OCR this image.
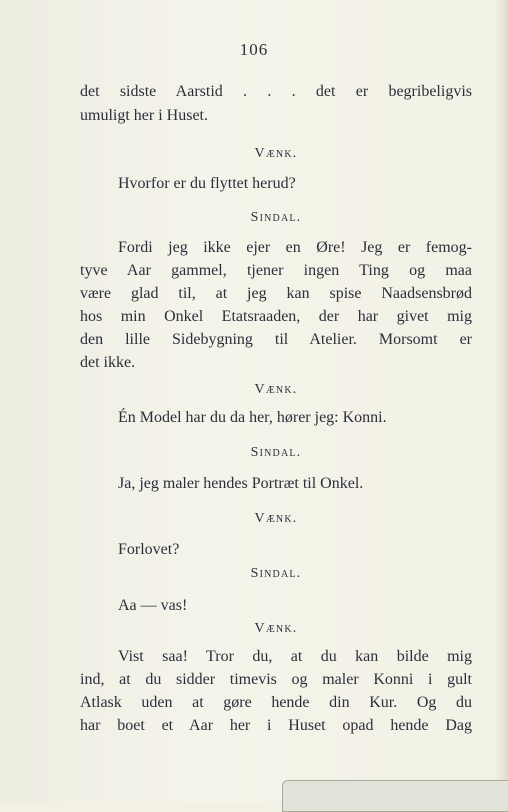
106
det sidste Aarstid . . . det er begribeligvis
umuligt her i Huset.
Vænk.
Hvorfor er du flyttet herud?
Sindal.
Fordi jeg ikke ejer en Øre! Jeg er femog-
tyve Aar gammel, tjener ingen Ting og maa
være glad til, at jeg kan spise Naadsensbrød
hos min Onkel Etatsraaden, der har givet mig
den lille Sidebygning til Atelier. Morsomt er
det ikke.
Vænk.
Én Model har du da her, hører jeg: Konni.
Sindal.
Ja, jeg maler hendes Portræt til Onkel.
Vænk.
Forlovet?
Sindal.
Aa — vas!
Vænk.
Vist saa! Tror du, at du kan bilde mig
ind, at du sidder timevis og maler Konni i gult
Atlask uden at gøre hende din Kur. Og du
har boet et Aar her i Huset opad hende Dag
